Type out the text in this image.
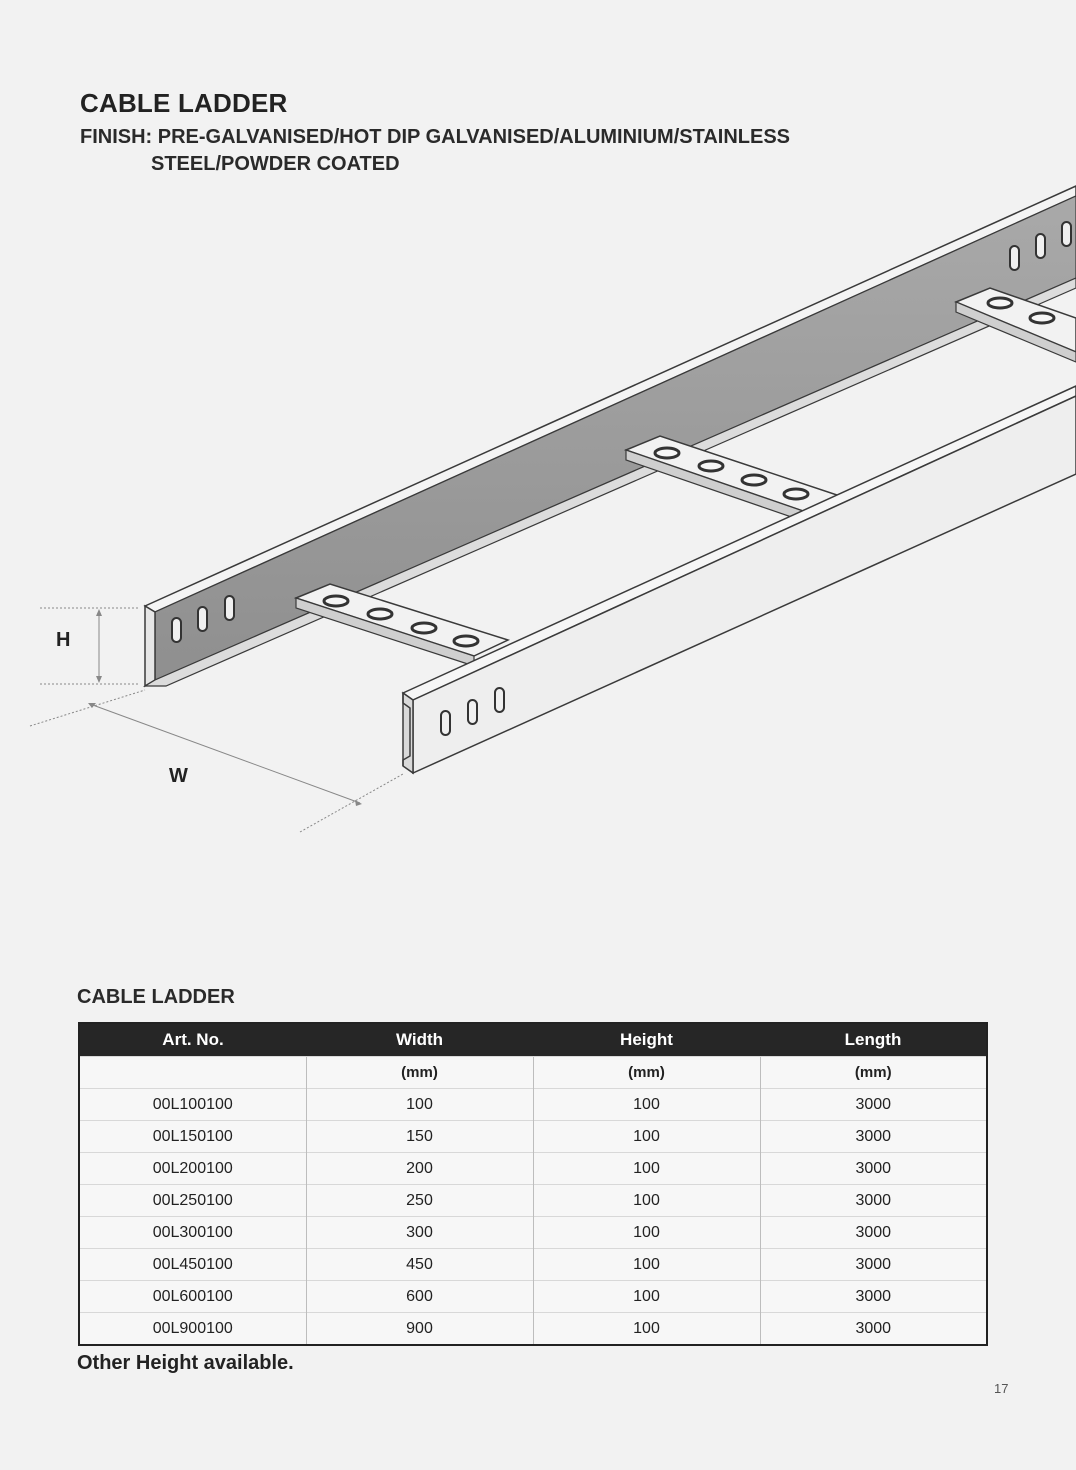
CABLE LADDER
FINISH: PRE-GALVANISED/HOT DIP GALVANISED/ALUMINIUM/STAINLESS
STEEL/POWDER COATED
H
W
CABLE LADDER
Art. No.	Width	Height	Length
	(mm)	(mm)	(mm)
00L100100	100	100	3000
00L150100	150	100	3000
00L200100	200	100	3000
00L250100	250	100	3000
00L300100	300	100	3000
00L450100	450	100	3000
00L600100	600	100	3000
00L900100	900	100	3000
Other Height available.
17
